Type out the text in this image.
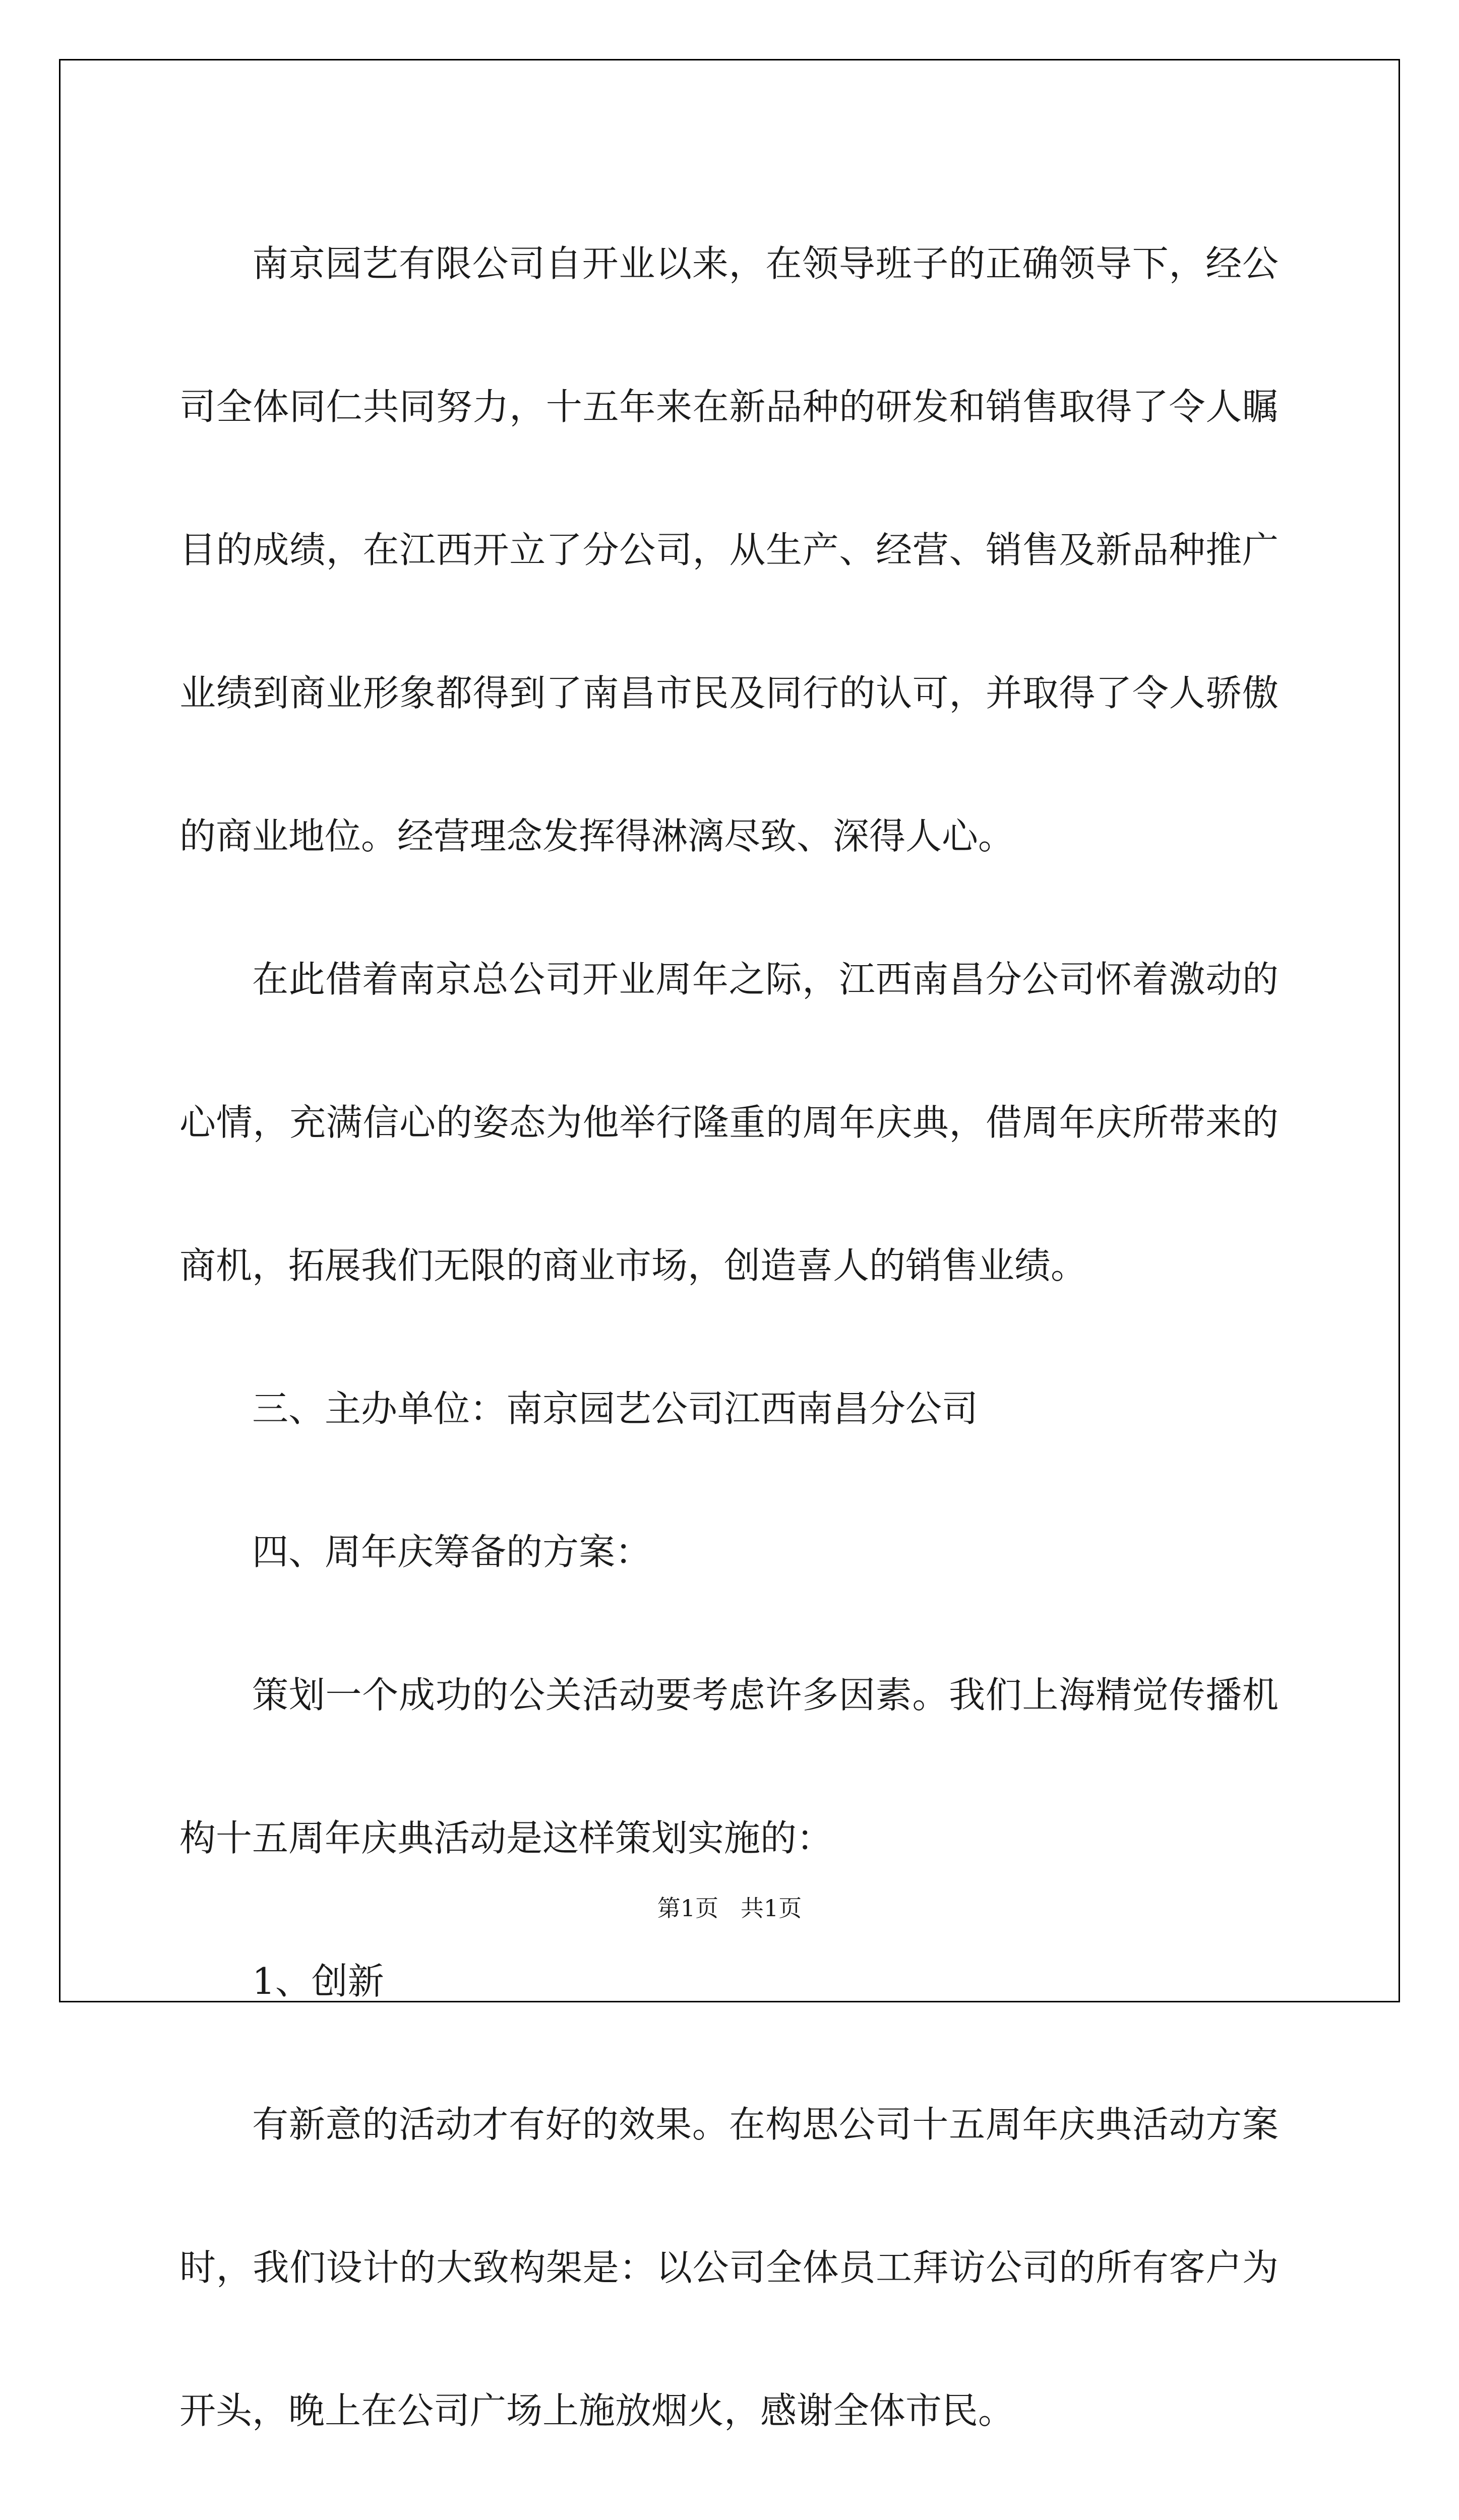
南京园艺有限公司自开业以来，在领导班子的正确领导下，经公司全体同仁共同努力，十五年来在新品种的研发和销售取得了令人瞩目的成绩，在江西开立了分公司，从生产、经营、销售及新品种推广业绩到商业形象都得到了南昌市民及同行的认可，并取得了令人骄傲的商业地位。经营理念发挥得淋漓尽致、深得人心。

在此借着南京总公司开业周年之际，江西南昌分公司怀着激动的心情，充满信心的姿态为他举行隆重的周年庆典，借周年庆所带来的商机，拓展我们无限的商业市场，创造喜人的销售业绩。

三、主办单位：南京园艺公司江西南昌分公司

四、周年庆筹备的方案：

策划一个成功的公关活动要考虑许多因素。我们上海精觉传播机构十五周年庆典活动是这样策划实施的：

1、创新

有新意的活动才有好的效果。在构思公司十五周年庆典活动方案时，我们设计的大致构架是：以公司全体员工拜访公司的所有客户为开头，晚上在公司广场上施放烟火，感谢全体市民。

第1页   共1页
